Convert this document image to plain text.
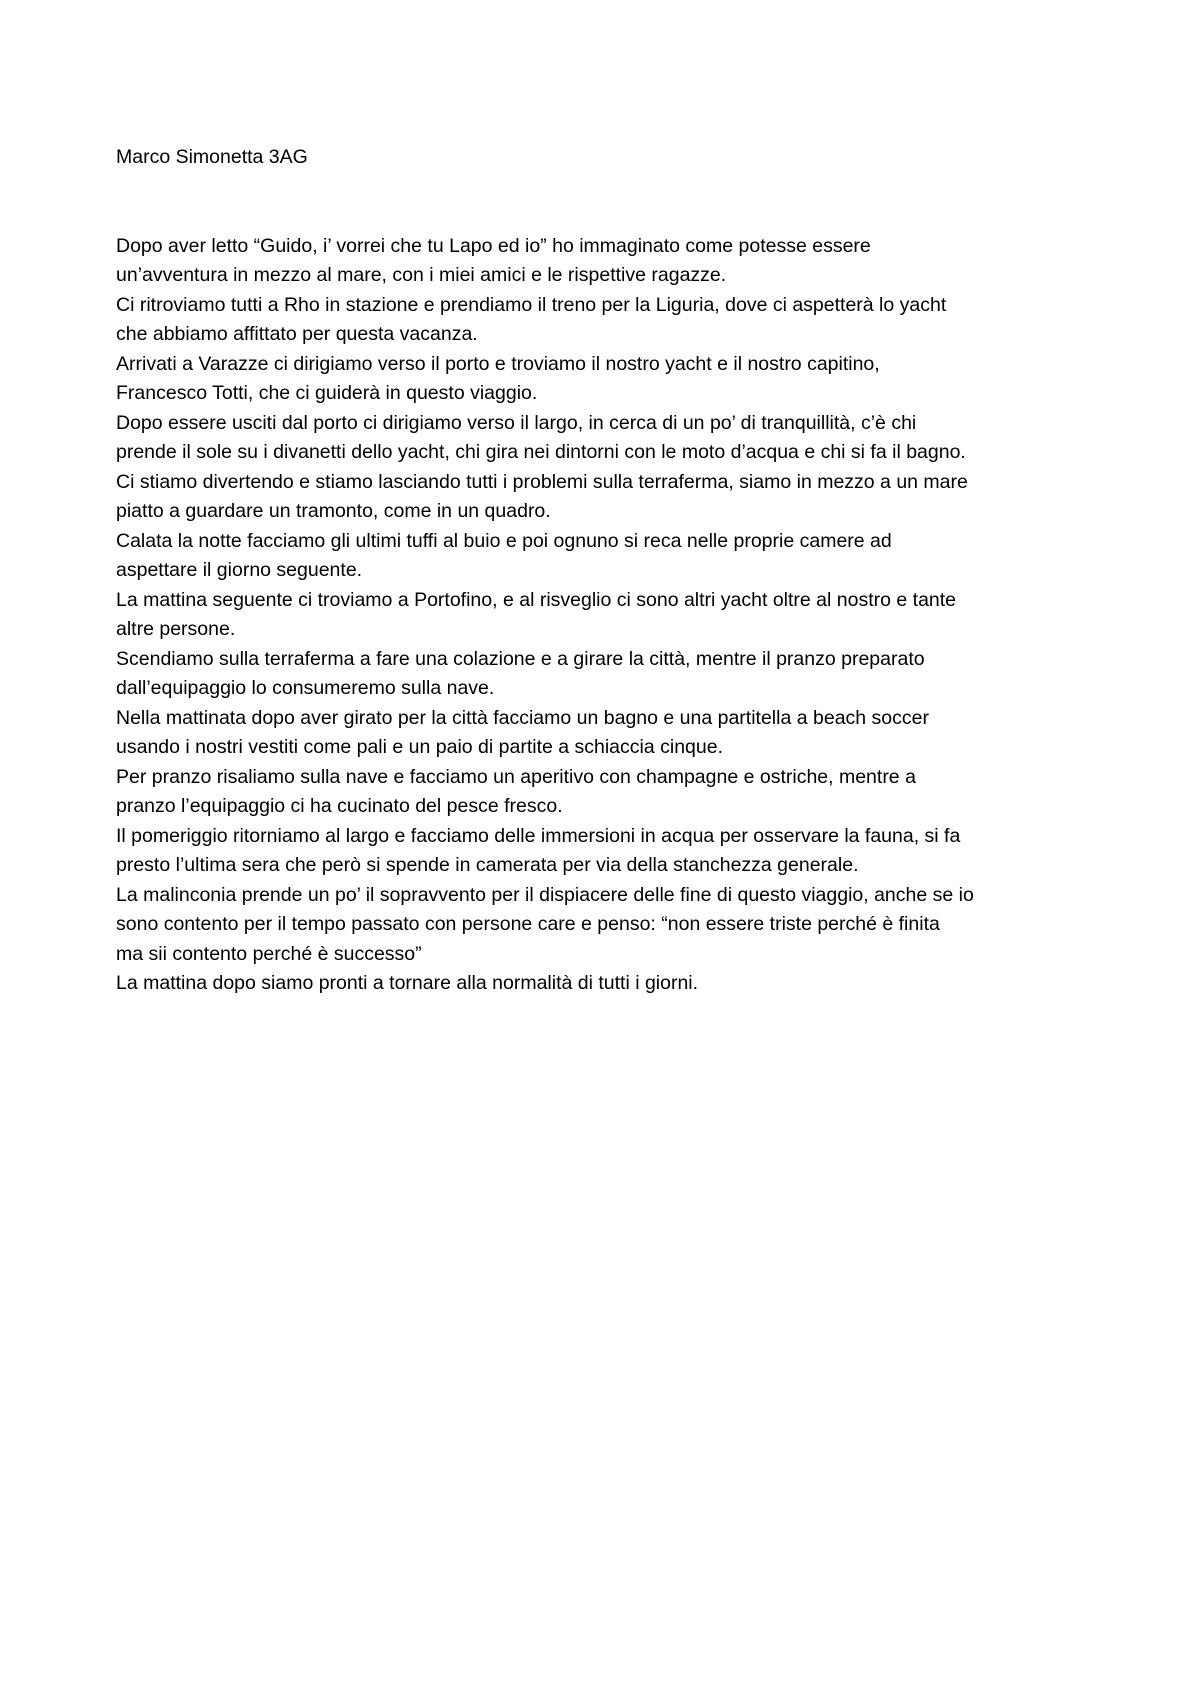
Marco Simonetta 3AG

Dopo aver letto “Guido, i’ vorrei che tu Lapo ed io” ho immaginato come potesse essere

un’avventura in mezzo al mare, con i miei amici e le rispettive ragazze.

Ci ritroviamo tutti a Rho in stazione e prendiamo il treno per la Liguria, dove ci aspetterà lo yacht

che abbiamo affittato per questa vacanza.

Arrivati a Varazze ci dirigiamo verso il porto e troviamo il nostro yacht e il nostro capitino,

Francesco Totti, che ci guiderà in questo viaggio.

Dopo essere usciti dal porto ci dirigiamo verso il largo, in cerca di un po’ di tranquillità, c’è chi

prende il sole su i divanetti dello yacht, chi gira nei dintorni con le moto d’acqua e chi si fa il bagno.

Ci stiamo divertendo e stiamo lasciando tutti i problemi sulla terraferma, siamo in mezzo a un mare

piatto a guardare un tramonto, come in un quadro.

Calata la notte facciamo gli ultimi tuffi al buio e poi ognuno si reca nelle proprie camere ad

aspettare il giorno seguente.

La mattina seguente ci troviamo a Portofino, e al risveglio ci sono altri yacht oltre al nostro e tante

altre persone.

Scendiamo sulla terraferma a fare una colazione e a girare la città, mentre il pranzo preparato

dall’equipaggio lo consumeremo sulla nave.

Nella mattinata dopo aver girato per la città facciamo un bagno e una partitella a beach soccer

usando i nostri vestiti come pali e un paio di partite a schiaccia cinque.

Per pranzo risaliamo sulla nave e facciamo un aperitivo con champagne e ostriche, mentre a

pranzo l’equipaggio ci ha cucinato del pesce fresco.

Il pomeriggio ritorniamo al largo e facciamo delle immersioni in acqua per osservare la fauna, si fa

presto l’ultima sera che però si spende in camerata per via della stanchezza generale.

La malinconia prende un po’ il sopravvento per il dispiacere delle fine di questo viaggio, anche se io

sono contento per il tempo passato con persone care e penso: “non essere triste perché è finita

ma sii contento perché è successo”

La mattina dopo siamo pronti a tornare alla normalità di tutti i giorni.
